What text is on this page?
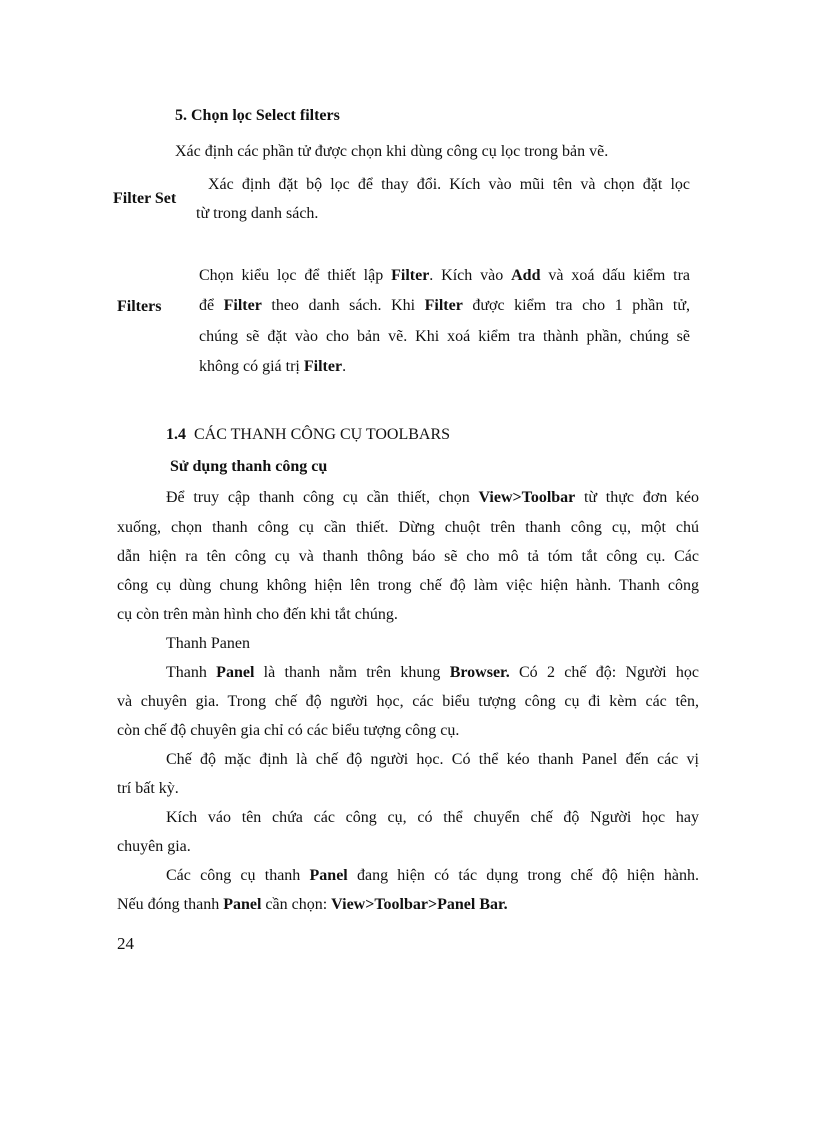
5. Chọn lọc Select filters
Xác định các phần tử được chọn khi dùng công cụ lọc trong bản vẽ.
Filter Set
Xác định đặt bộ lọc để thay đổi. Kích vào mũi tên và chọn đặt lọc
từ trong danh sách.
Filters
Chọn kiểu lọc để thiết lập Filter. Kích vào Add và xoá dấu kiểm tra
để Filter theo danh sách. Khi Filter được kiểm tra cho 1 phần tử,
chúng sẽ đặt vào cho bản vẽ. Khi xoá kiểm tra thành phần, chúng sẽ
không có giá trị Filter.
1.4 CÁC THANH CÔNG CỤ TOOLBARS
Sử dụng thanh công cụ
Để truy cập thanh công cụ cần thiết, chọn View>Toolbar từ thực đơn kéo
xuống, chọn thanh công cụ cần thiết. Dừng chuột trên thanh công cụ, một chú
dẫn hiện ra tên công cụ và thanh thông báo sẽ cho mô tả tóm tắt công cụ. Các
công cụ dùng chung không hiện lên trong chế độ làm việc hiện hành. Thanh công
cụ còn trên màn hình cho đến khi tắt chúng.
Thanh Panen
Thanh Panel là thanh nằm trên khung Browser. Có 2 chế độ: Người học
và chuyên gia. Trong chế độ người học, các biểu tượng công cụ đi kèm các tên,
còn chế độ chuyên gia chỉ có các biểu tượng công cụ.
Chế độ mặc định là chế độ người học. Có thể kéo thanh Panel đến các vị
trí bất kỳ.
Kích váo tên chứa các công cụ, có thể chuyển chế độ Người học hay
chuyên gia.
Các công cụ thanh Panel đang hiện có tác dụng trong chế độ hiện hành.
Nếu đóng thanh Panel cần chọn: View>Toolbar>Panel Bar.
24
